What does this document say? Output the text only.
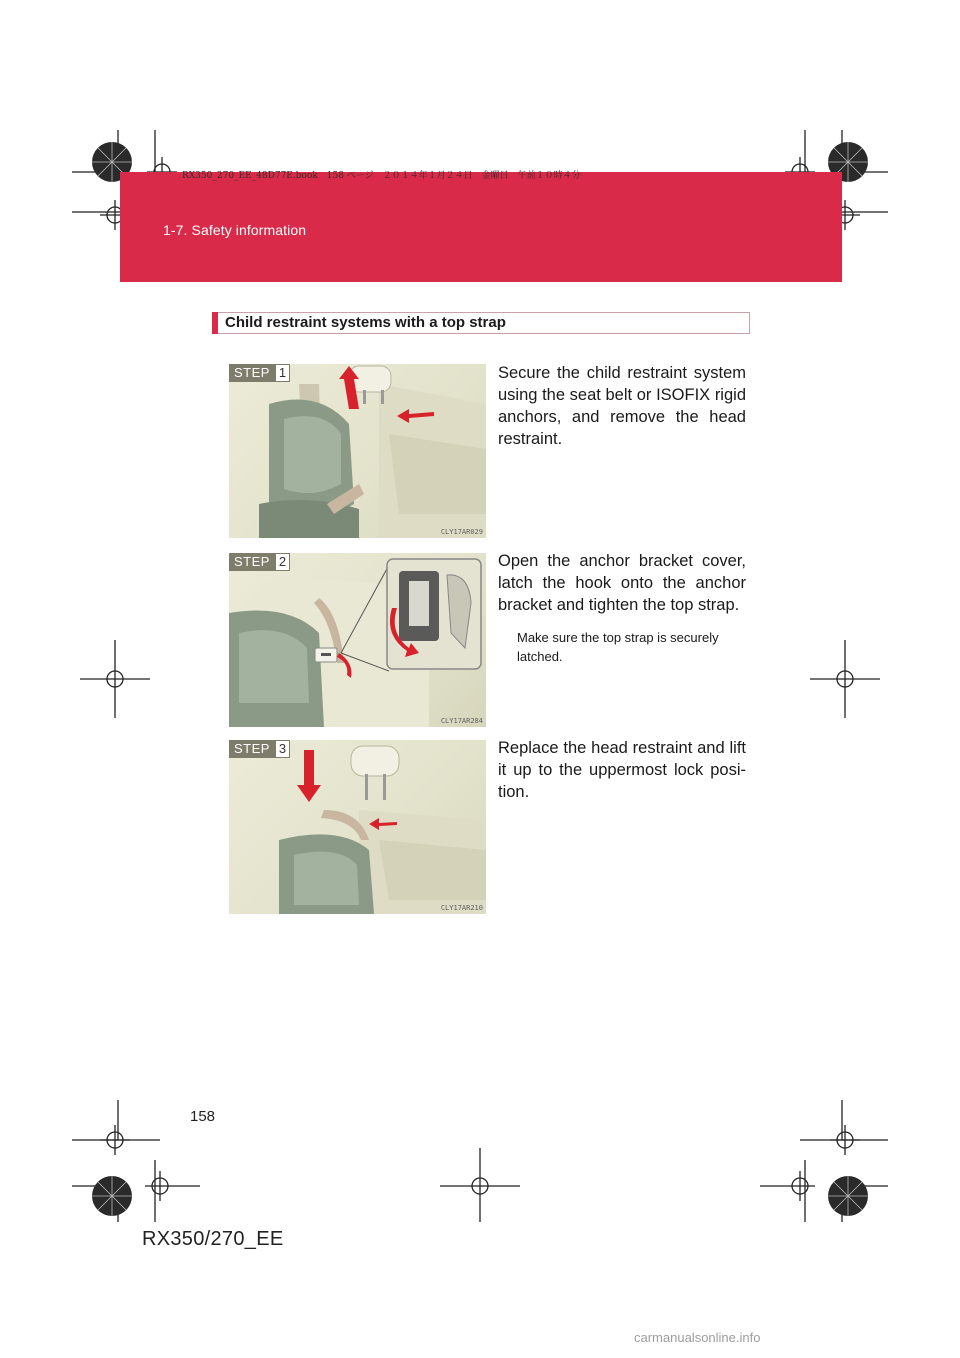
1-7. Safety information
RX350_270_EE_48D77E.book　158 ページ　２０１４年１月２４日　金曜日　午前１０時４分
Child restraint systems with a top strap
STEP 1
CLY17AR029
Secure the child restraint system using the seat belt or ISOFIX rigid anchors, and remove the head restraint.
STEP 2
CLY17AR284
Open the anchor bracket cover, latch the hook onto the anchor bracket and tighten the top strap.
Make sure the top strap is securely latched.
STEP 3
CLY17AR210
Replace the head restraint and lift it up to the uppermost lock posi-tion.
158
RX350/270_EE
carmanualsonline.info
